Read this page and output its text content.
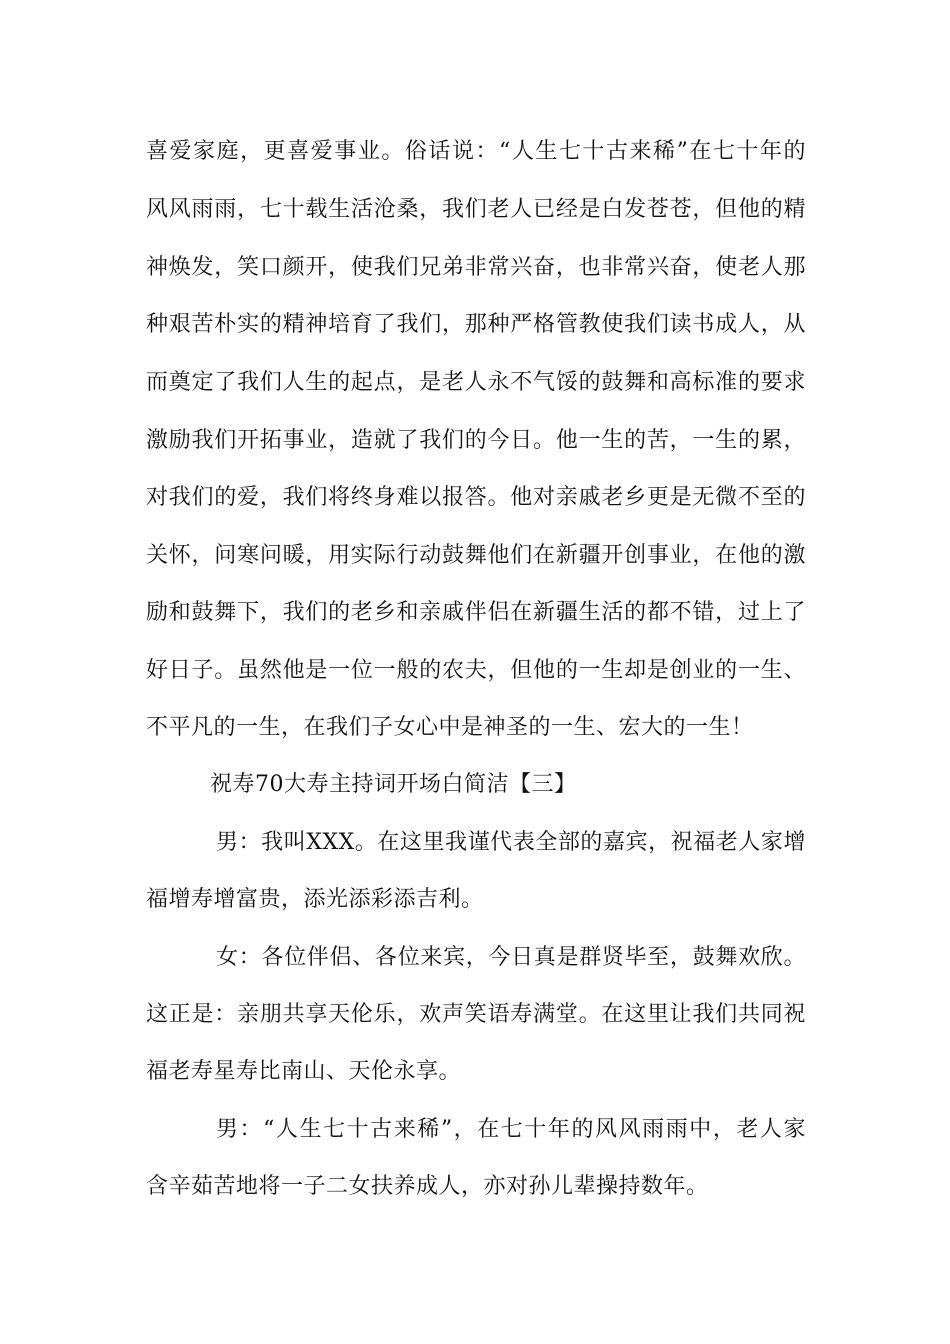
喜爱家庭，更喜爱事业。俗话说：“人生七十古来稀”在七十年的
风风雨雨，七十载生活沧桑，我们老人已经是白发苍苍，但他的精
神焕发，笑口颜开，使我们兄弟非常兴奋，也非常兴奋，使老人那
种艰苦朴实的精神培育了我们，那种严格管教使我们读书成人，从
而奠定了我们人生的起点，是老人永不气馁的鼓舞和高标准的要求
激励我们开拓事业，造就了我们的今日。他一生的苦，一生的累，
对我们的爱，我们将终身难以报答。他对亲戚老乡更是无微不至的
关怀，问寒问暖，用实际行动鼓舞他们在新疆开创事业，在他的激
励和鼓舞下，我们的老乡和亲戚伴侣在新疆生活的都不错，过上了
好日子。虽然他是一位一般的农夫，但他的一生却是创业的一生、
不平凡的一生，在我们子女心中是神圣的一生、宏大的一生！
祝寿70大寿主持词开场白简洁【三】
男：我叫XXX。在这里我谨代表全部的嘉宾，祝福老人家增
福增寿增富贵，添光添彩添吉利。
女：各位伴侣、各位来宾，今日真是群贤毕至，鼓舞欢欣。
这正是：亲朋共享天伦乐，欢声笑语寿满堂。在这里让我们共同祝
福老寿星寿比南山、天伦永享。
男：“人生七十古来稀”，在七十年的风风雨雨中，老人家
含辛茹苦地将一子二女扶养成人，亦对孙儿辈操持数年。
